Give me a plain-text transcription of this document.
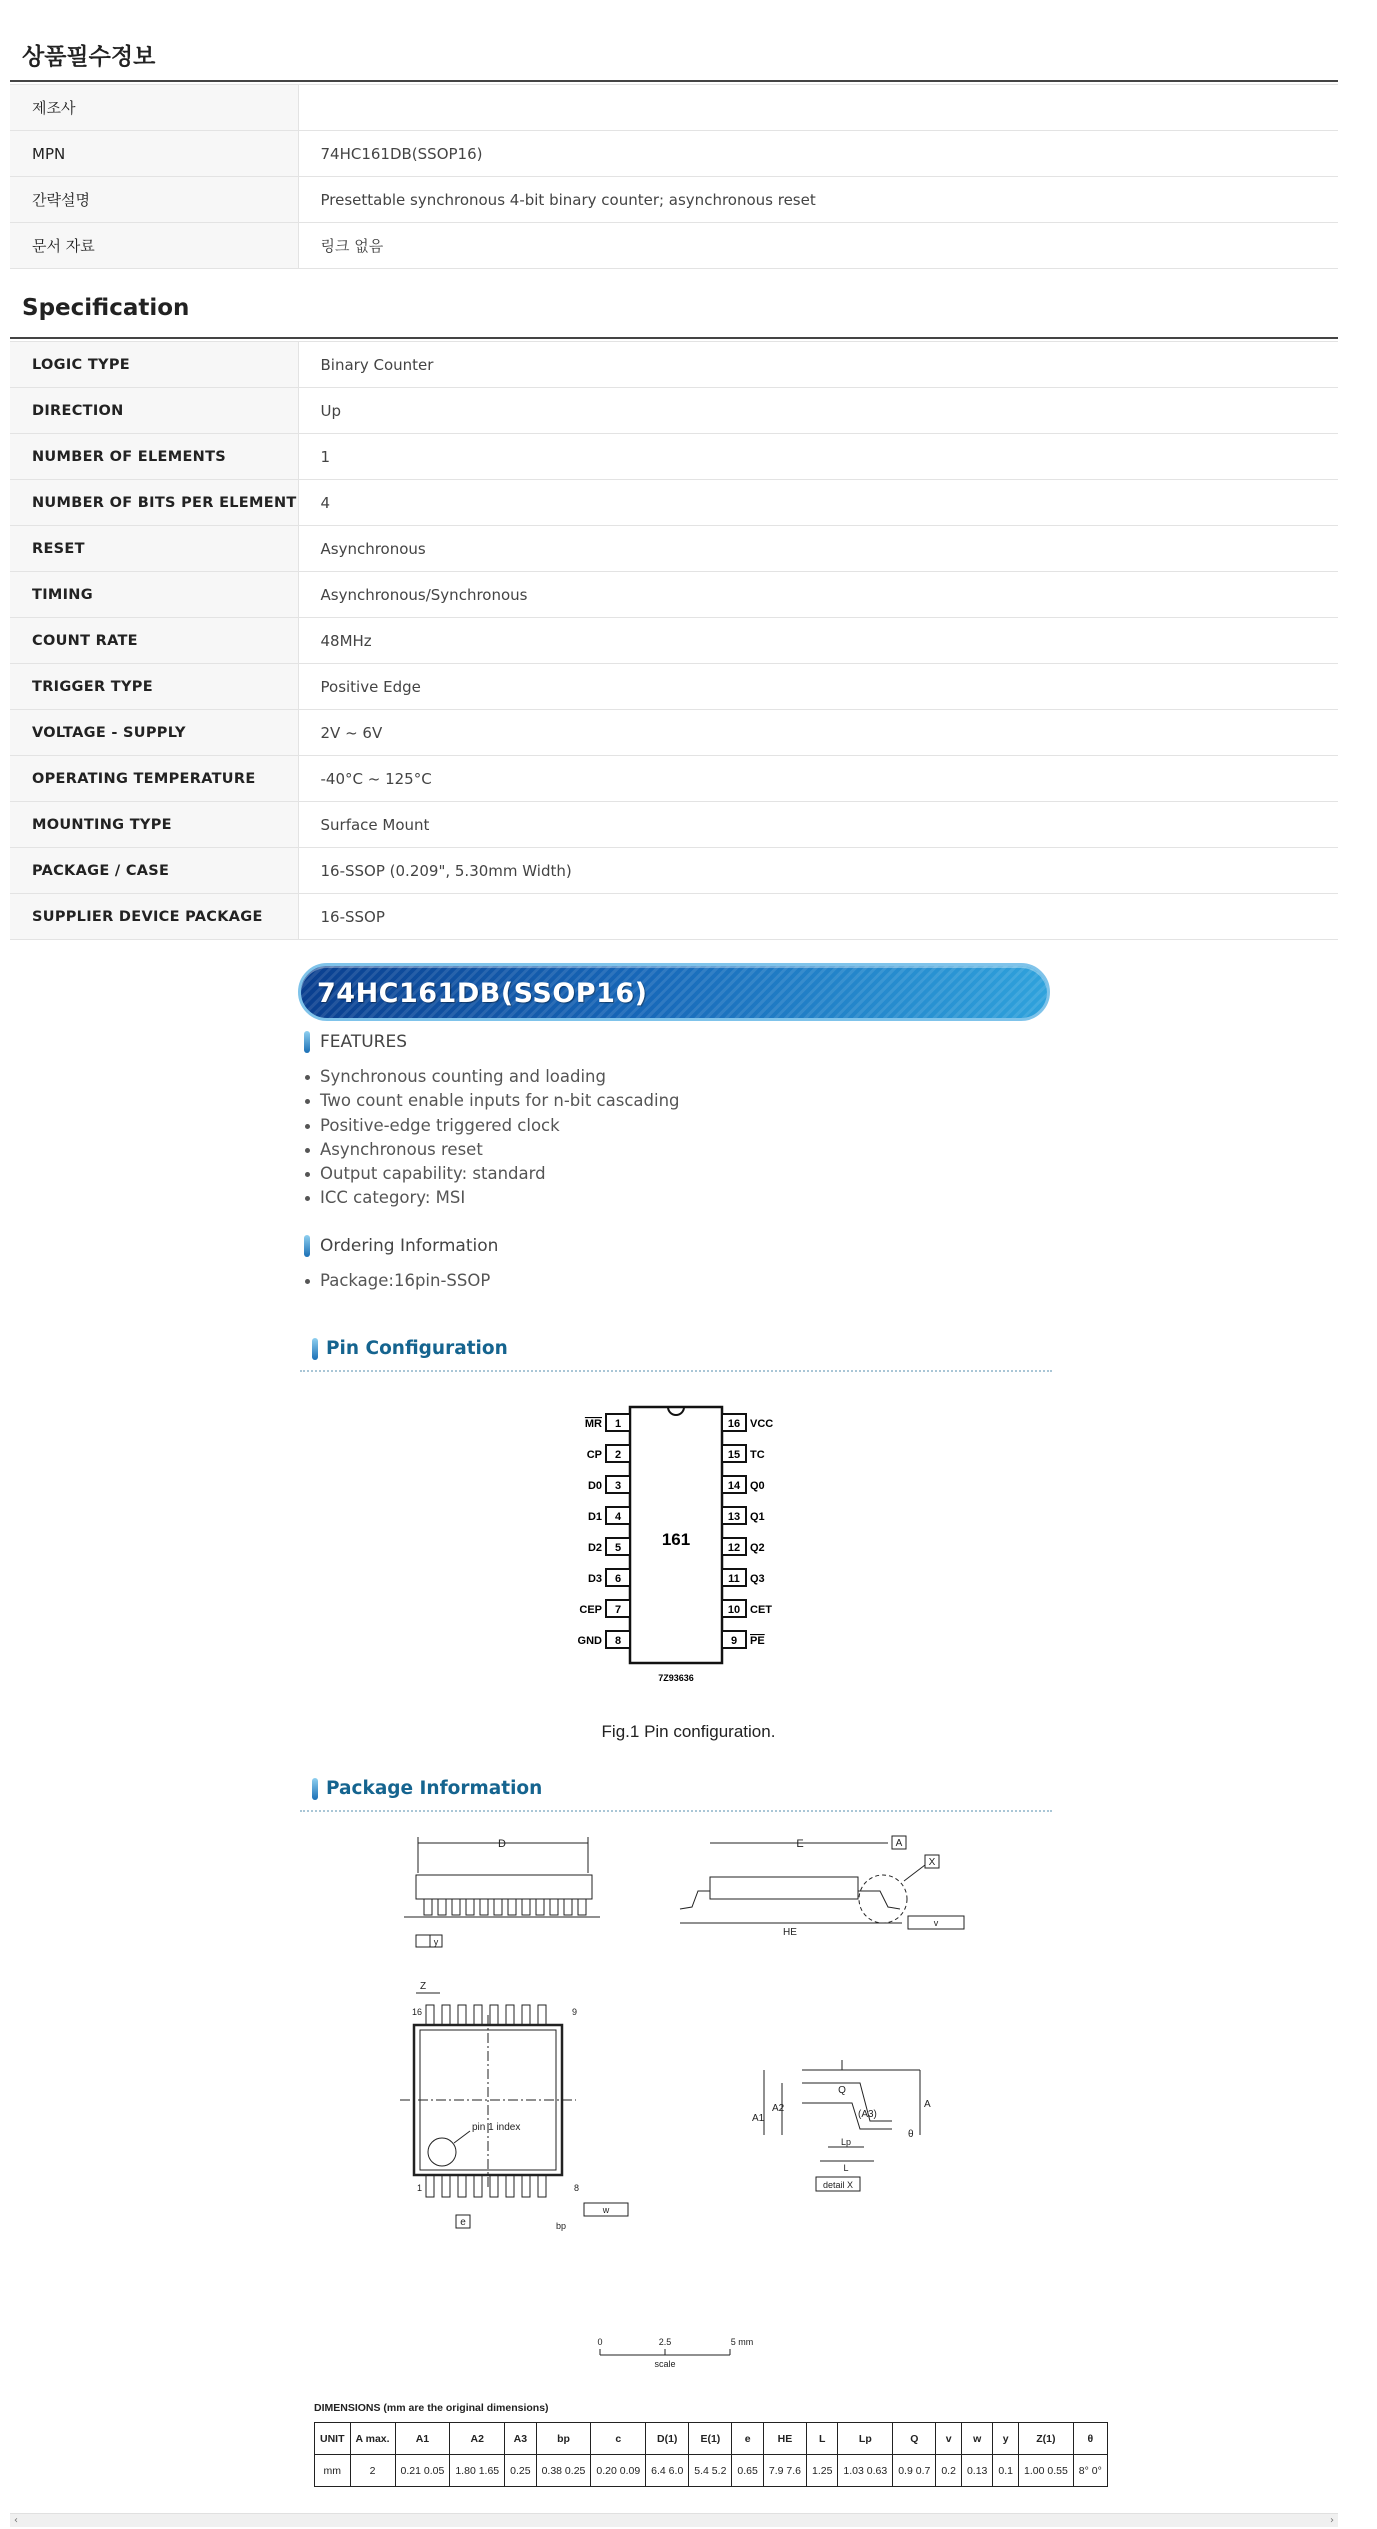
상품필수정보
제조사	
MPN	74HC161DB(SSOP16)
간략설명	Presettable synchronous 4-bit binary counter; asynchronous reset
문서 자료	링크 없음
Specification
LOGIC TYPE	Binary Counter
DIRECTION	Up
NUMBER OF ELEMENTS	1
NUMBER OF BITS PER ELEMENT	4
RESET	Asynchronous
TIMING	Asynchronous/Synchronous
COUNT RATE	48MHz
TRIGGER TYPE	Positive Edge
VOLTAGE - SUPPLY	2V ~ 6V
OPERATING TEMPERATURE	-40°C ~ 125°C
MOUNTING TYPE	Surface Mount
PACKAGE / CASE	16-SSOP (0.209", 5.30mm Width)
SUPPLIER DEVICE PACKAGE	16-SSOP
74HC161DB(SSOP16)
FEATURES
Synchronous counting and loading
Two count enable inputs for n-bit cascading
Positive-edge triggered clock
Asynchronous reset
Output capability: standard
ICC category: MSI
Ordering Information
Package:16pin-SSOP
Pin Configuration
161
7Z93636
1
MR
2
CP
3
D0
4
D1
5
D2
6
D3
7
CEP
8
GND
16 VCC
15 TC
14 Q0
13 Q1
12 Q2
11 Q3
10 CET
9 PE
Fig.1 Pin configuration.
Package Information
D
y
E	A
X
HE
v
Z
16	9
pin 1 index
1	8
e	bp
w
Q
A2
A1	(A3)
A
θ
Lp
L
detail X
0	2.5	5 mm
scale
DIMENSIONS (mm are the original dimensions)
UNIT	A max.	A1	A2	A3	bp	c	D(1)	E(1)	e	HE	L	Lp	Q	v	w	y	Z(1)	θ
mm	2	0.21 0.05	1.80 1.65	0.25	0.38 0.25	0.20 0.09	6.4 6.0	5.4 5.2	0.65	7.9 7.6	1.25	1.03 0.63	0.9 0.7	0.2	0.13	0.1	1.00 0.55	8° 0°
‹	›
